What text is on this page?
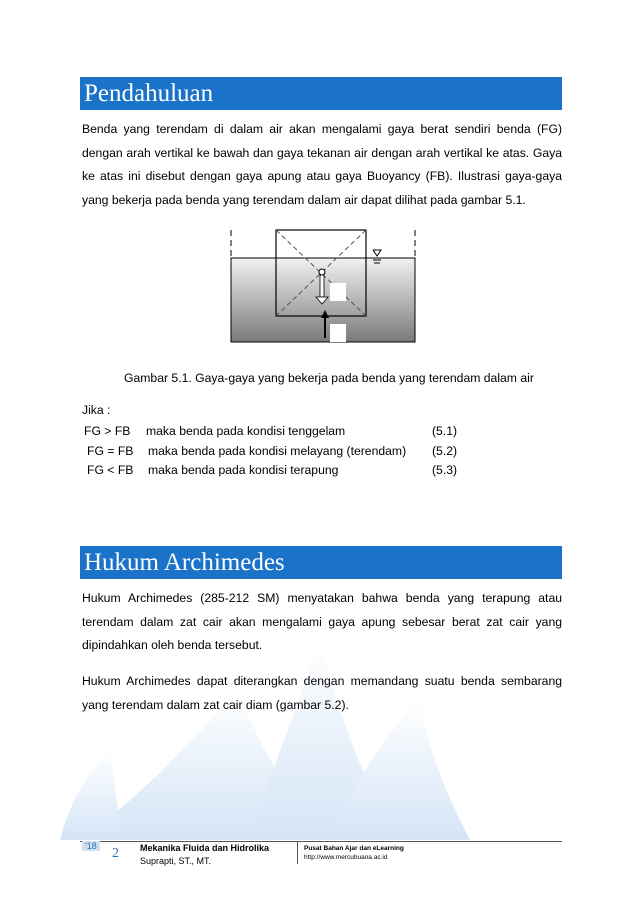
Pendahuluan

Benda yang terendam di dalam air akan mengalami gaya berat sendiri benda (FG) dengan arah vertikal ke bawah dan gaya tekanan air dengan arah vertikal ke atas. Gaya ke atas ini disebut dengan gaya apung atau gaya Buoyancy (FB). Ilustrasi gaya-gaya yang bekerja pada benda yang terendam dalam air dapat dilihat pada gambar 5.1.

Gambar 5.1. Gaya-gaya yang bekerja pada benda yang terendam dalam air
Jika :
FG > FB maka benda pada kondisi tenggelam	(5.1)
FG = FB maka benda pada kondisi melayang (terendam) (5.2)
FG < FB maka benda pada kondisi terapung	(5.3)
Hukum Archimedes

Hukum Archimedes (285-212 SM) menyatakan bahwa benda yang terapung atau terendam dalam zat cair akan mengalami gaya apung sebesar berat zat cair yang dipindahkan oleh benda tersebut.

Hukum Archimedes dapat diterangkan dengan memandang suatu benda sembarang yang terendam dalam zat cair diam (gambar 5.2).

'18 2 Mekanika Fluida dan Hidrolika
Suprapti, ST., MT.
Pusat Bahan Ajar dan eLearning
http://www.mercubuana.ac.id
